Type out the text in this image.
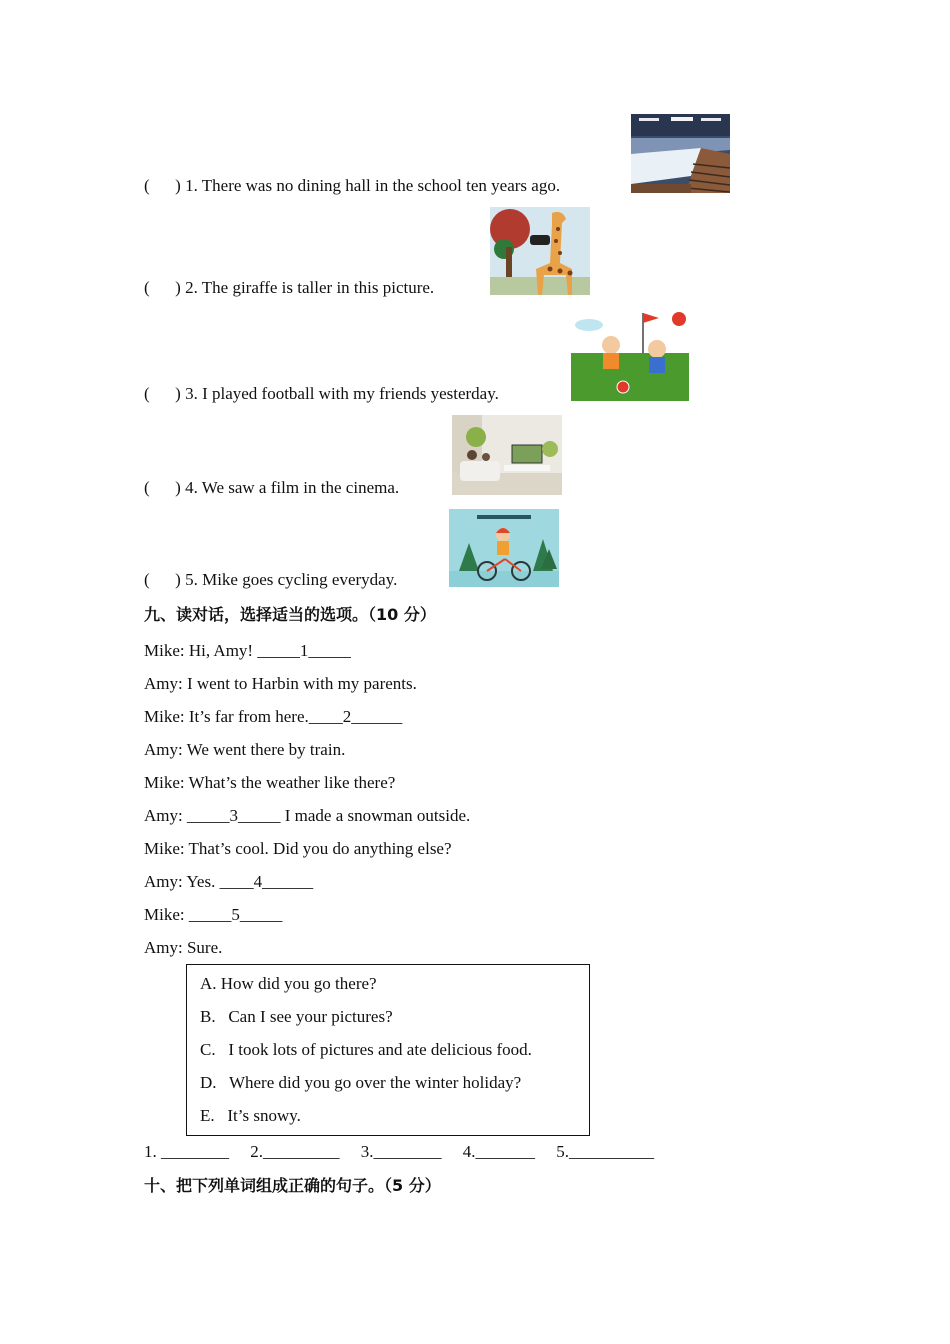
(      ) 1. There was no dining hall in the school ten years ago.
(      ) 2. The giraffe is taller in this picture.
(      ) 3. I played football with my friends yesterday.
(      ) 4. We saw a film in the cinema.
(      ) 5. Mike goes cycling everyday.
九、读对话，选择适当的选项。（10 分）
Mike: Hi, Amy! _____1_____
Amy: I went to Harbin with my parents.
Mike: It’s far from here.____2______
Amy: We went there by train.
Mike: What’s the weather like there?
Amy: _____3_____ I made a snowman outside.
Mike: That’s cool. Did you do anything else?
Amy: Yes. ____4______
Mike: _____5_____
Amy: Sure.
A. How did you go there?
B.   Can I see your pictures?
C.   I took lots of pictures and ate delicious food.
D.   Where did you go over the winter holiday?
E.   It’s snowy.
1. ________     2._________     3.________     4._______     5.__________
十、把下列单词组成正确的句子。（5 分）
